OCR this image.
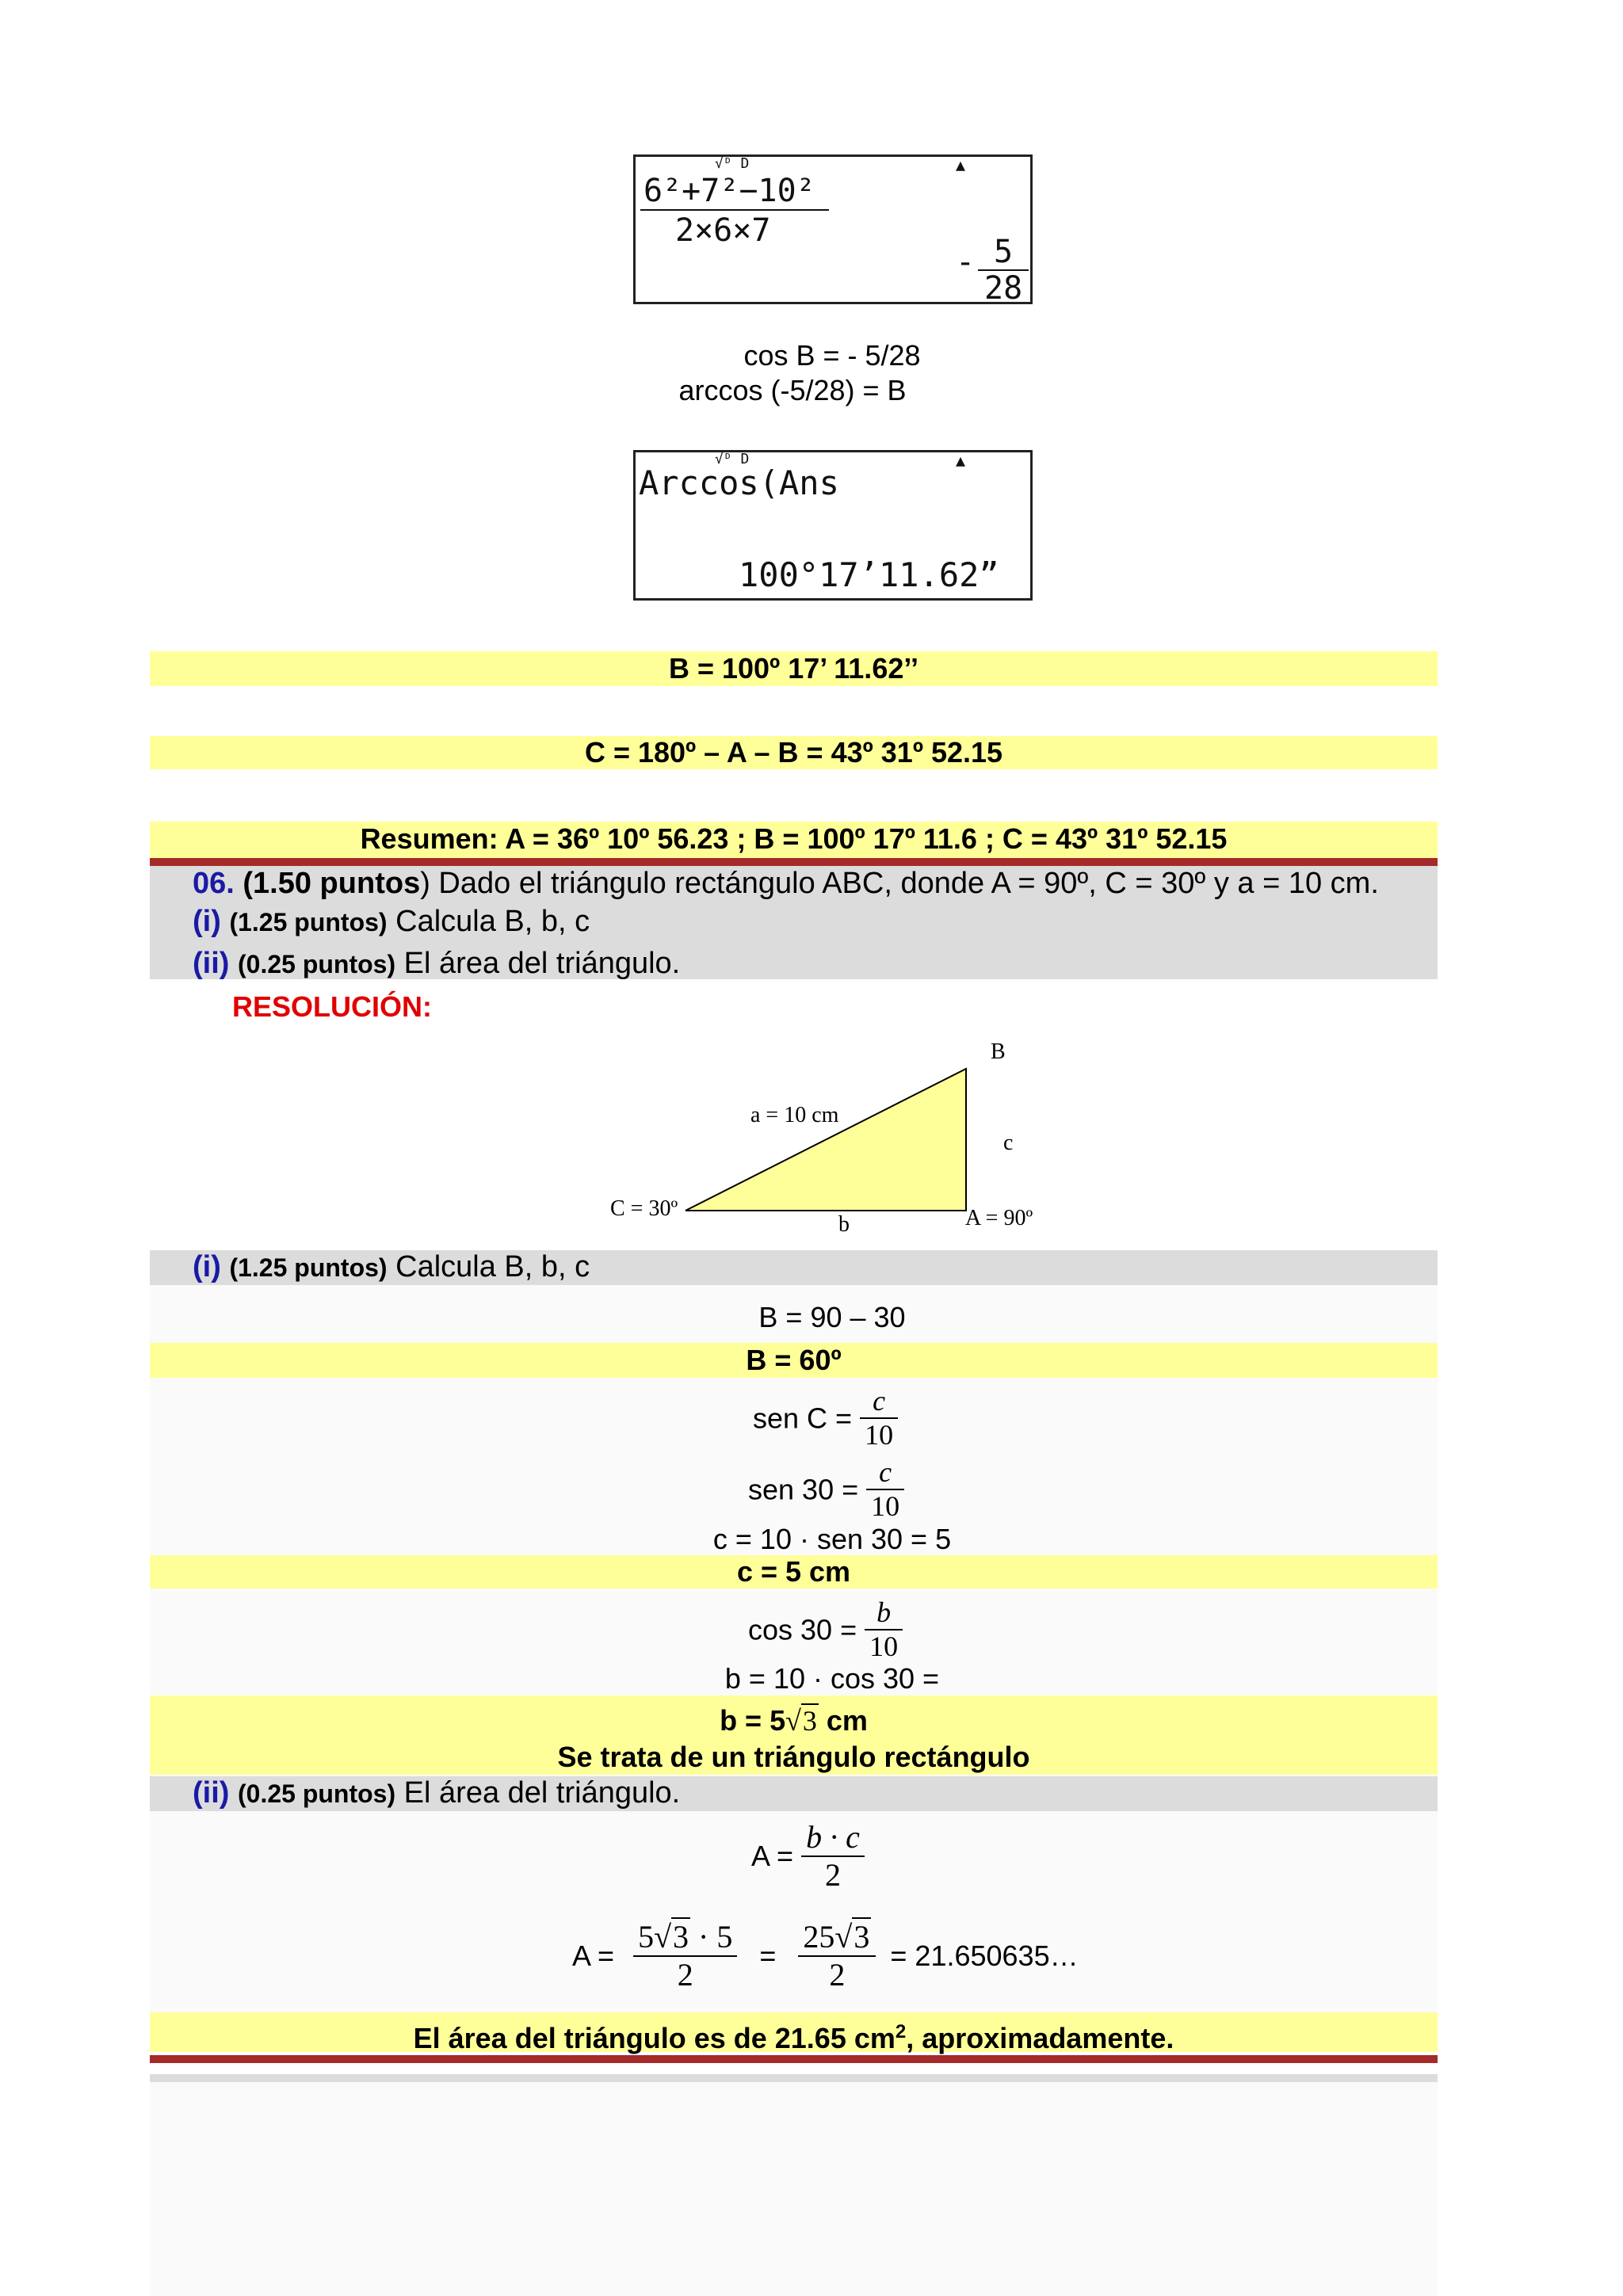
√ᴰ D	▲
6²+7²−10²
2×6×7
- $\frac{5}{28}$
cos B = - 5/28
arccos (-5/28) = B
√ᴰ D	▲
Arccos(Ans
100°17’11.62”
B = 100º 17’ 11.62’’
C = 180º – A – B = 43º 31º 52.15
Resumen: A = 36º 10º 56.23 ; B = 100º 17º 11.6 ; C = 43º 31º 52.15
06. (1.50 puntos) Dado el triángulo rectángulo ABC, donde A = 90º, C = 30º y a = 10 cm.
(i) (1.25 puntos) Calcula B, b, c
(ii) (0.25 puntos) El área del triángulo.
RESOLUCIÓN:
B
a = 10 cm
c
C = 30º
b	A = 90º
(i) (1.25 puntos) Calcula B, b, c
B = 90 – 30
B = 60º
sen $C = \frac{c}{10}$
sen $30 = \frac{c}{10}$
c = 10 · sen 30 = 5
c = 5 cm
$\cos 30 = \frac{b}{10}$
b = 10 · cos 30 =
b = 5√3 cm
Se trata de un triángulo rectángulo
(ii) (0.25 puntos) El área del triángulo.
$A = \frac{b \cdot c}{2}$
$A = \frac{5√3 \cdot 5}{2} = \frac{25√3}{2}$ = 21.650635…
El área del triángulo es de 21.65 $cm^2$, aproximadamente.
